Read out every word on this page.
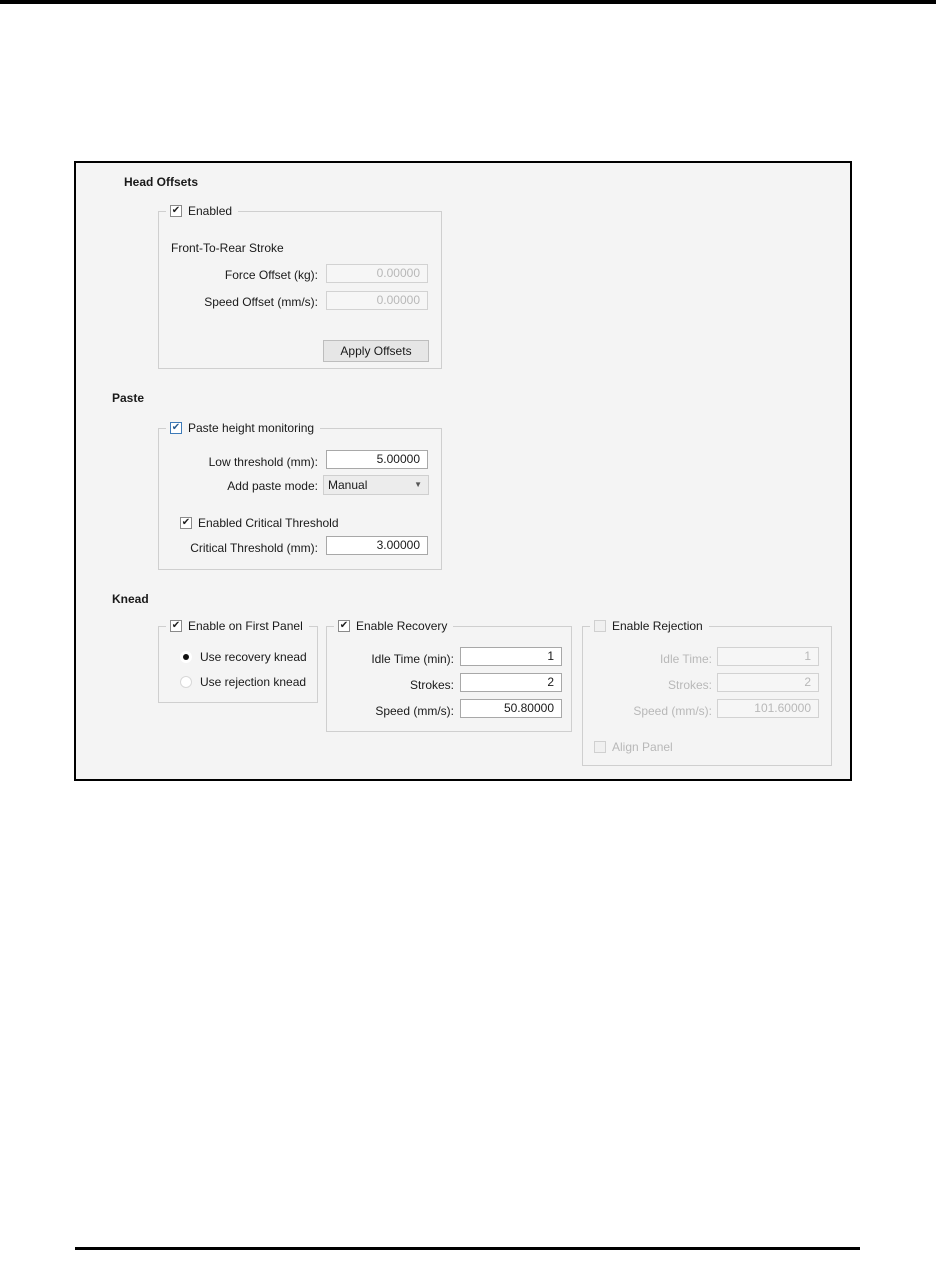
Head Offsets
✔ Enabled
Front-To-Rear Stroke
Force Offset (kg):	0.00000
Speed Offset (mm/s):	0.00000
Apply Offsets
Paste
✔ Paste height monitoring
Low threshold (mm):	5.00000
Add paste mode: Manual	▼
✔ Enabled Critical Threshold
Critical Threshold (mm):	3.00000
Knead
✔ Enable on First Panel
Use recovery knead
Use rejection knead
✔ Enable Recovery
Idle Time (min):	1
Strokes:	2
Speed (mm/s):	50.80000
Enable Rejection
Idle Time:	1
Strokes:	2
Speed (mm/s):	101.60000
Align Panel
